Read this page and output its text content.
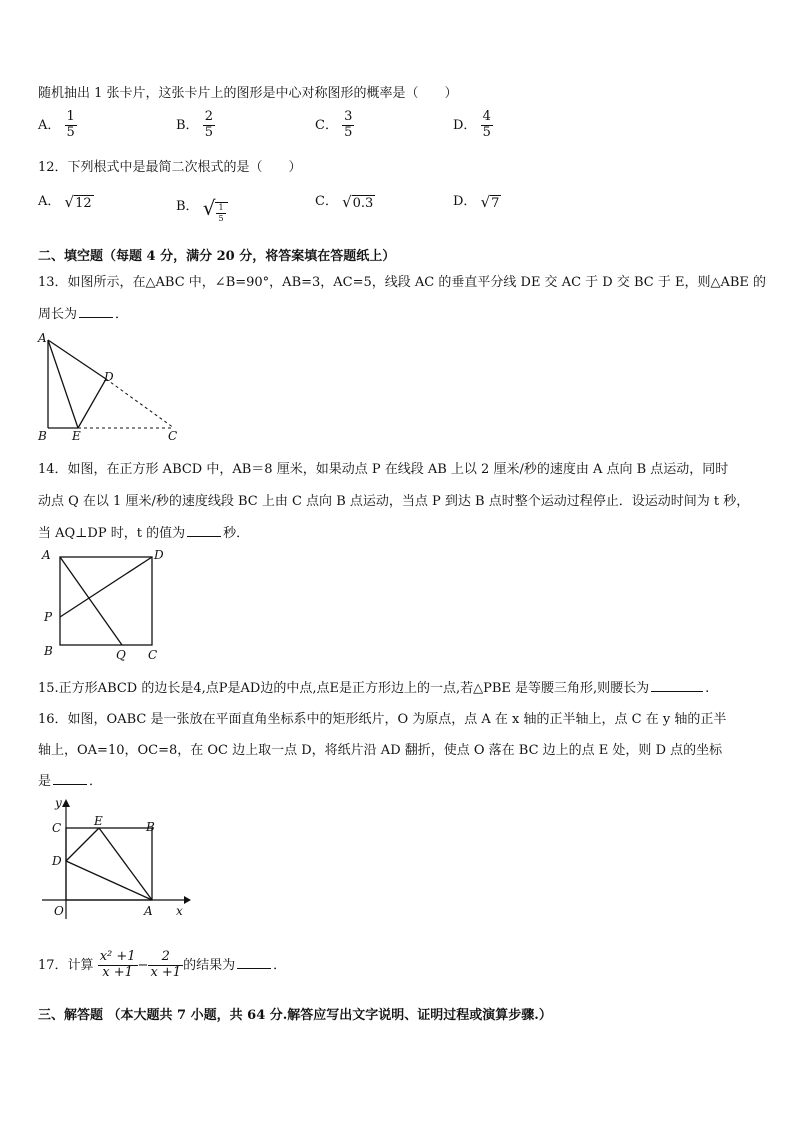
随机抽出 1 张卡片，这张卡片上的图形是中心对称图形的概率是（　　）
A． $\frac{1}{5}$	B． $\frac{2}{5}$	C． $\frac{3}{5}$	D． $\frac{4}{5}$
12．下列根式中是最简二次根式的是（　　）
A． √12	B． √ $\frac{1}{5}$
C． √0.3	D． √7
二、填空题（每题 4 分，满分 20 分，将答案填在答题纸上）
13．如图所示，在△ABC 中，∠B=90°，AB=3，AC=5，线段 AC 的垂直平分线 DE 交 AC 于 D 交 BC 于 E，则△ABE 的
周长为	．
A
B E	C
D
14．如图，在正方形 ABCD 中，AB＝8 厘米，如果动点 P 在线段 AB 上以 2 厘米/秒的速度由 A 点向 B 点运动，同时
动点 Q 在以 1 厘米/秒的速度线段 BC 上由 C 点向 B 点运动，当点 P 到达 B 点时整个运动过程停止．设运动时间为 t 秒，
当 AQ⊥DP 时，t 的值为	秒．
A	D
P
B	Q C
15.正方形ABCD 的边长是4,点P是AD边的中点,点E是正方形边上的一点,若△PBE 是等腰三角形,则腰长为	.
16．如图，OABC 是一张放在平面直角坐标系中的矩形纸片，O 为原点，点 A 在 x 轴的正半轴上，点 C 在 y 轴的正半
轴上，OA=10，OC=8，在 OC 边上取一点 D，将纸片沿 AD 翻折，使点 O 落在 BC 边上的点 E 处，则 D 点的坐标
是	．
y
x
C	E	B
D
O	A
17．计算 $\frac{\text{x² +1}}{x +1} - \frac{2}{x +1}$ 的结果为	．
三、解答题 （本大题共 7 小题，共 64 分.解答应写出文字说明、证明过程或演算步骤.）
